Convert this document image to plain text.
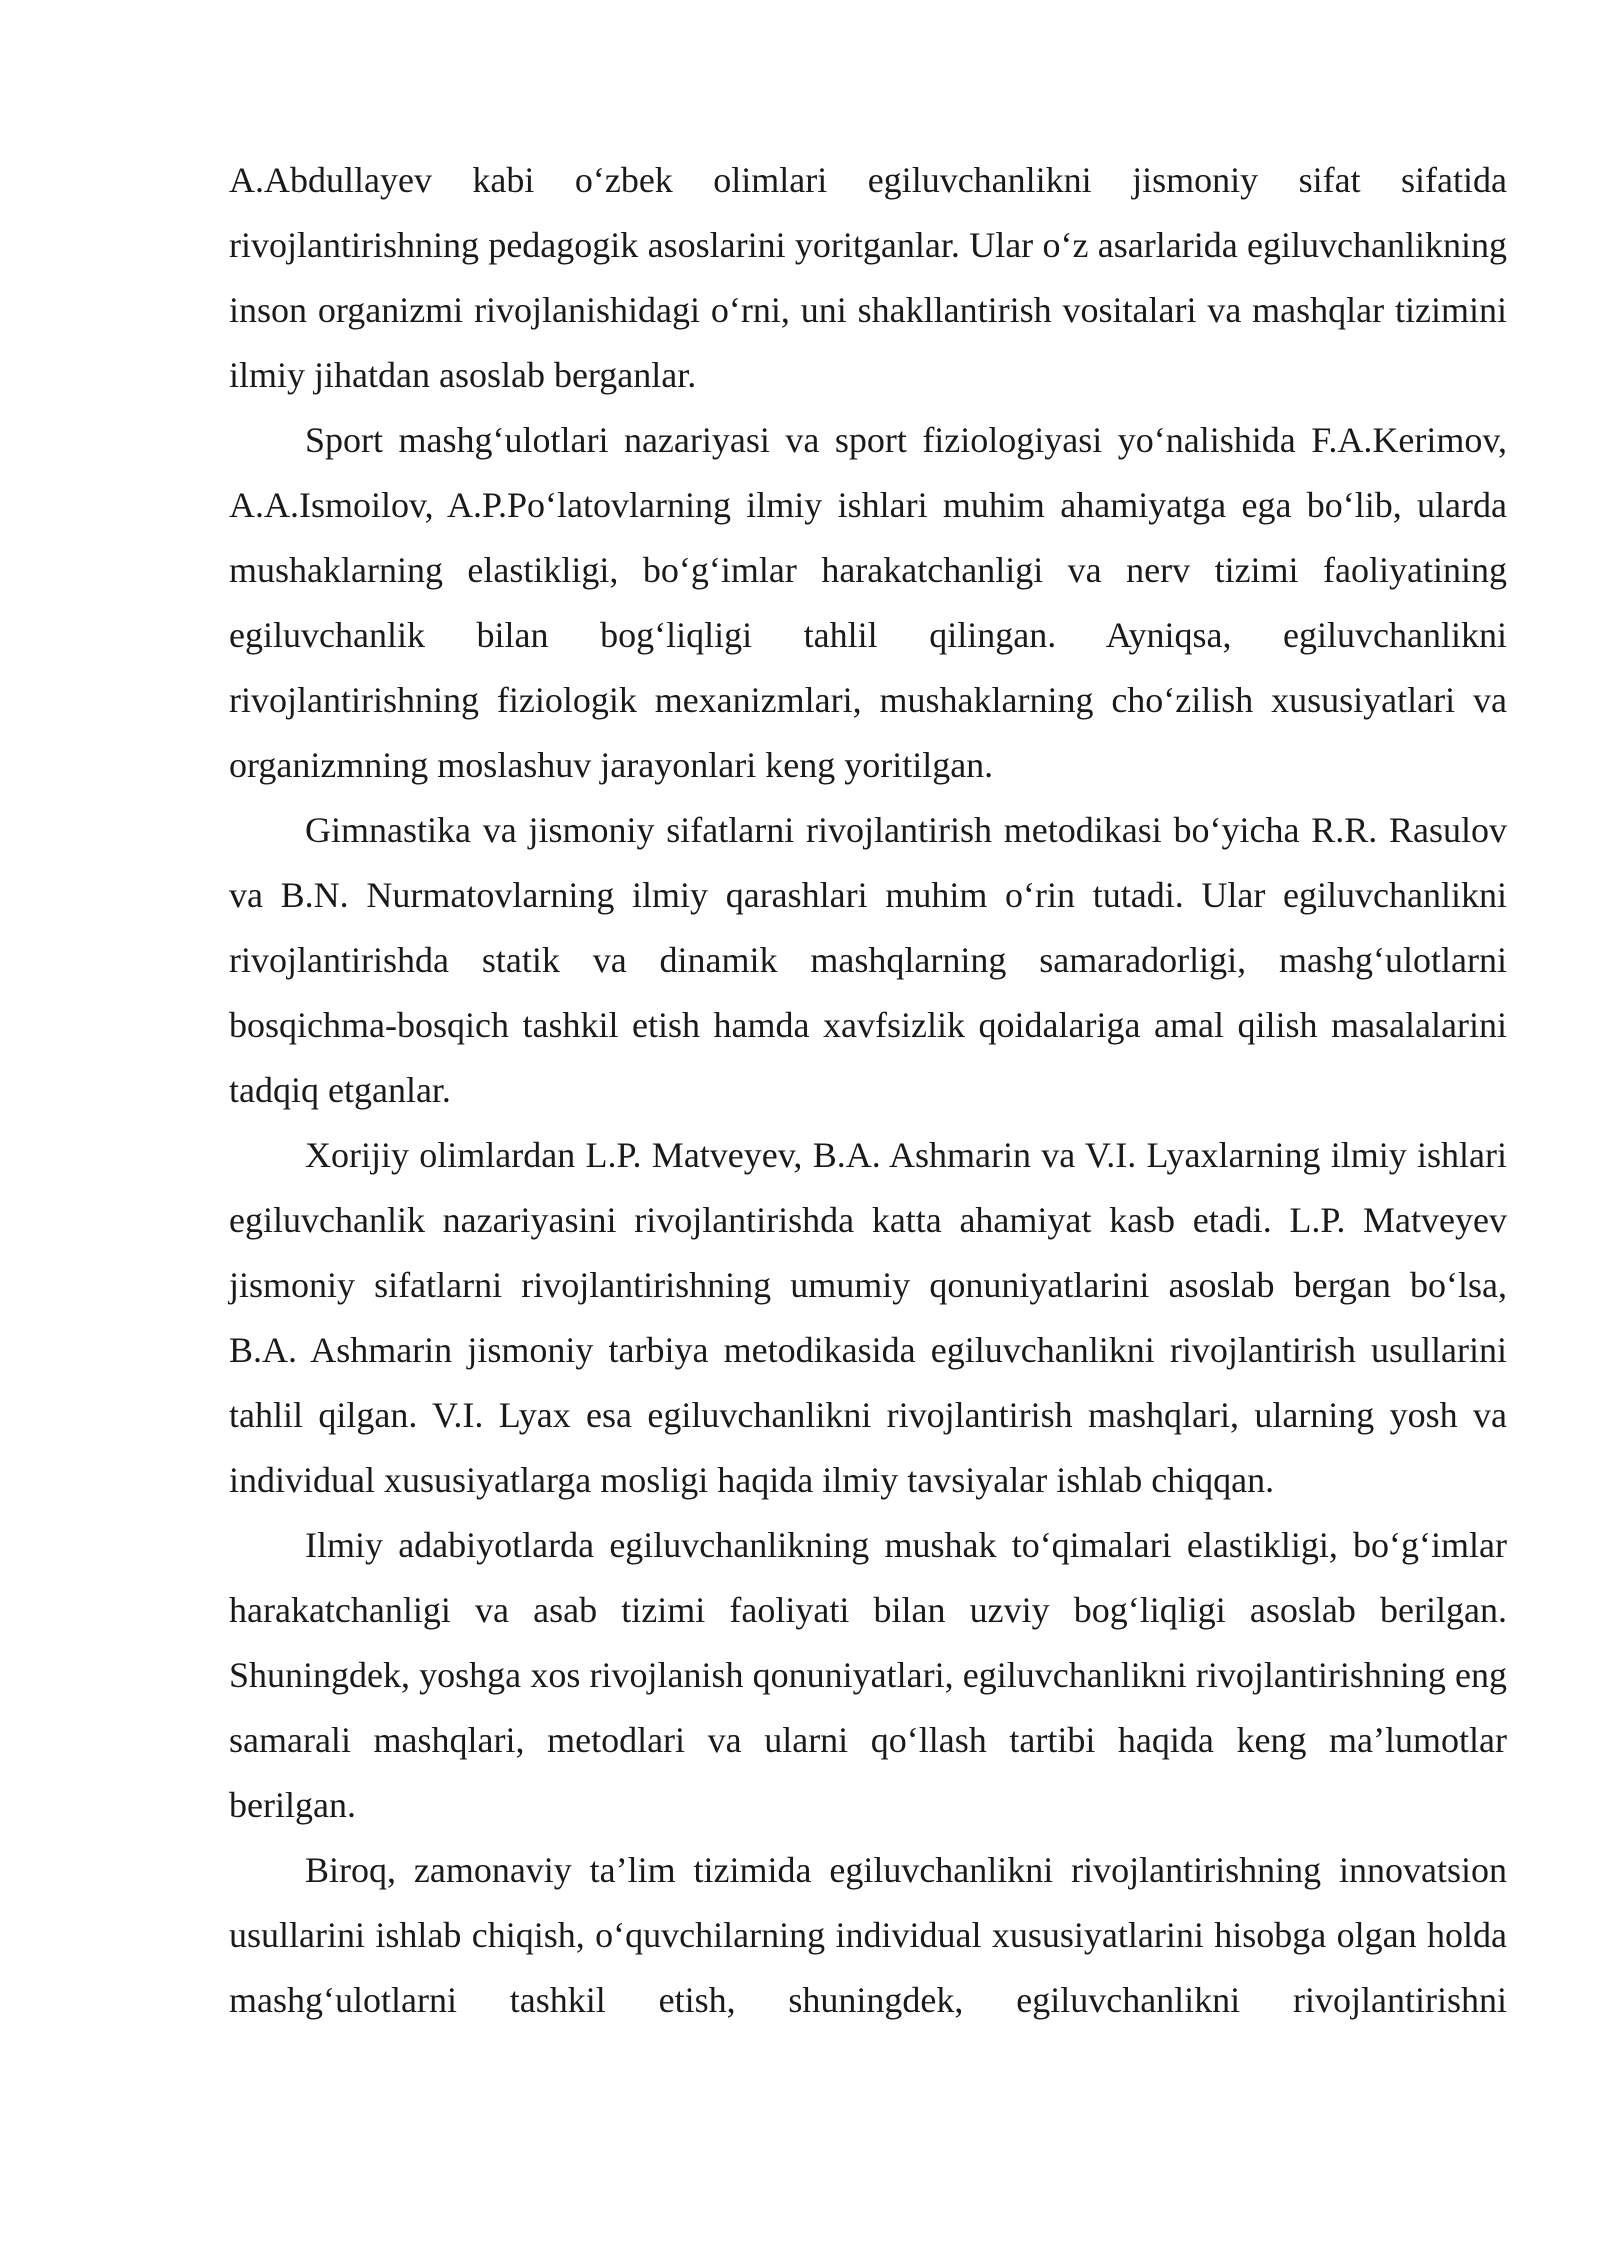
A.Abdullayev kabi o‘zbek olimlari egiluvchanlikni jismoniy sifat sifatida rivojlantirishning pedagogik asoslarini yoritganlar. Ular o‘z asarlarida egiluvchanlikning inson organizmi rivojlanishidagi o‘rni, uni shakllantirish vositalari va mashqlar tizimini ilmiy jihatdan asoslab berganlar.

Sport mashg‘ulotlari nazariyasi va sport fiziologiyasi yo‘nalishida F.A.Kerimov, A.A.Ismoilov, A.P.Po‘latovlarning ilmiy ishlari muhim ahamiyatga ega bo‘lib, ularda mushaklarning elastikligi, bo‘g‘imlar harakatchanligi va nerv tizimi faoliyatining egiluvchanlik bilan bog‘liqligi tahlil qilingan. Ayniqsa, egiluvchanlikni rivojlantirishning fiziologik mexanizmlari, mushaklarning cho‘zilish xususiyatlari va organizmning moslashuv jarayonlari keng yoritilgan.

Gimnastika va jismoniy sifatlarni rivojlantirish metodikasi bo‘yicha R.R. Rasulov va B.N. Nurmatovlarning ilmiy qarashlari muhim o‘rin tutadi. Ular egiluvchanlikni rivojlantirishda statik va dinamik mashqlarning samaradorligi, mashg‘ulotlarni bosqichma-bosqich tashkil etish hamda xavfsizlik qoidalariga amal qilish masalalarini tadqiq etganlar.

Xorijiy olimlardan L.P. Matveyev, B.A. Ashmarin va V.I. Lyaxlarning ilmiy ishlari egiluvchanlik nazariyasini rivojlantirishda katta ahamiyat kasb etadi. L.P. Matveyev jismoniy sifatlarni rivojlantirishning umumiy qonuniyatlarini asoslab bergan bo‘lsa, B.A. Ashmarin jismoniy tarbiya metodikasida egiluvchanlikni rivojlantirish usullarini tahlil qilgan. V.I. Lyax esa egiluvchanlikni rivojlantirish mashqlari, ularning yosh va individual xususiyatlarga mosligi haqida ilmiy tavsiyalar ishlab chiqqan.

Ilmiy adabiyotlarda egiluvchanlikning mushak to‘qimalari elastikligi, bo‘g‘imlar harakatchanligi va asab tizimi faoliyati bilan uzviy bog‘liqligi asoslab berilgan. Shuningdek, yoshga xos rivojlanish qonuniyatlari, egiluvchanlikni rivojlantirishning eng samarali mashqlari, metodlari va ularni qo‘llash tartibi haqida keng ma’lumotlar berilgan.

Biroq, zamonaviy ta’lim tizimida egiluvchanlikni rivojlantirishning innovatsion usullarini ishlab chiqish, o‘quvchilarning individual xususiyatlarini hisobga olgan holda mashg‘ulotlarni tashkil etish, shuningdek, egiluvchanlikni rivojlantirishni
